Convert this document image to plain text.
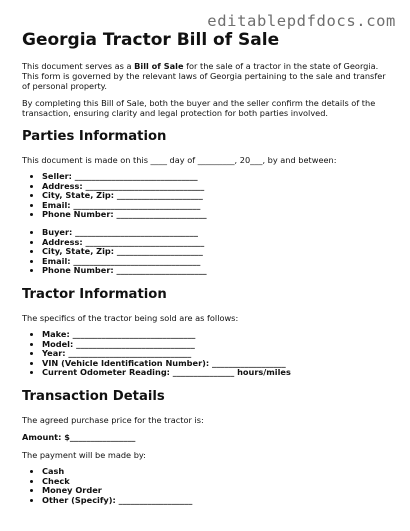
editablepdfdocs.com
Georgia Tractor Bill of Sale

This document serves as a Bill of Sale for the sale of a tractor in the state of Georgia. This form is governed by the relevant laws of Georgia pertaining to the sale and transfer of personal property.

By completing this Bill of Sale, both the buyer and the seller confirm the details of the transaction, ensuring clarity and legal protection for both parties involved.

Parties Information

This document is made on this ____ day of _________, 20___, by and between:

• Seller: ______________________________
• Address: _____________________________
• City, State, Zip: _____________________
• Email: _______________________________
• Phone Number: ______________________
• Buyer: ______________________________
• Address: _____________________________
• City, State, Zip: _____________________
• Email: _______________________________
• Phone Number: ______________________
Tractor Information

The specifics of the tractor being sold are as follows:

• Make: ______________________________
• Model: _____________________________
• Year: ______________________________
• VIN (Vehicle Identification Number): __________________
• Current Odometer Reading: _______________ hours/miles
Transaction Details

The agreed purchase price for the tractor is:

Amount: $________________

The payment will be made by:

• Cash
• Check
• Money Order
• Other (Specify): __________________
